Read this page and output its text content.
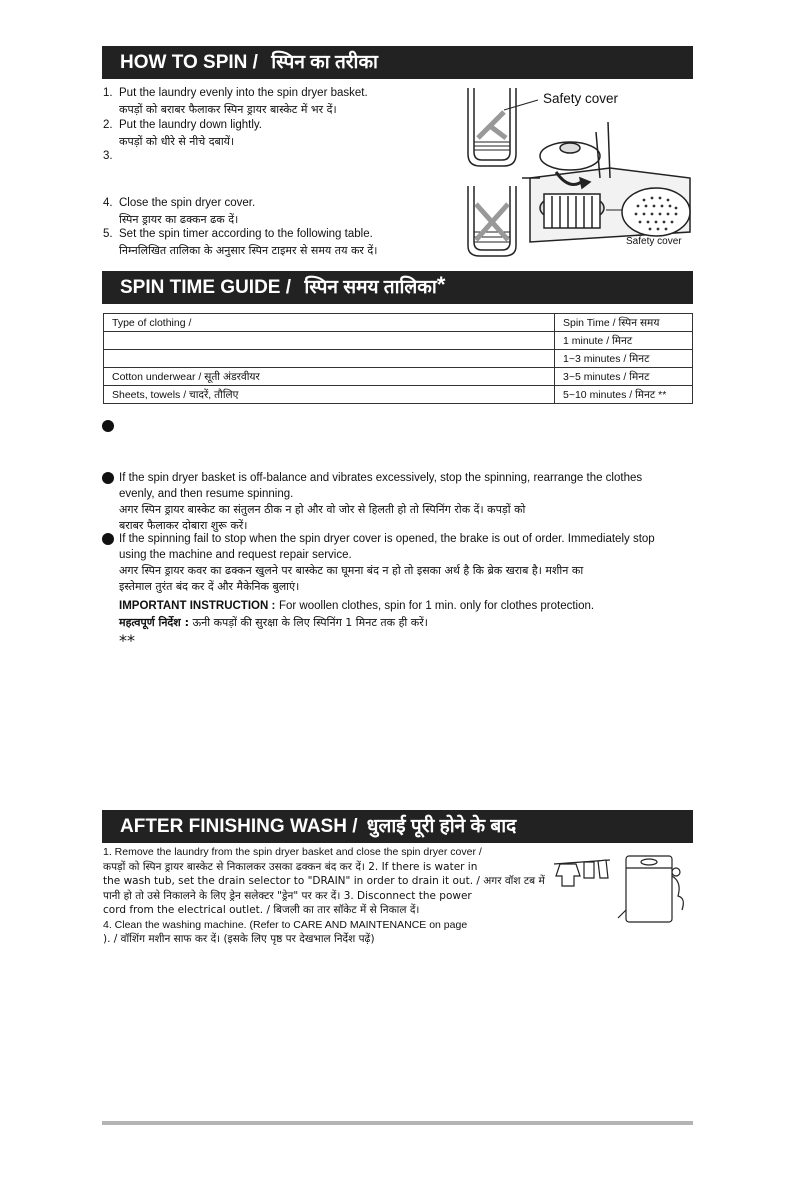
HOW TO SPIN / स्पिन का तरीका
1. Put the laundry evenly into the spin dryer basket.
कपड़ों को बराबर फैलाकर स्पिन ड्रायर बास्केट में भर दें।
2. Put the laundry down lightly.
कपड़ों को धीरे से नीचे दबायें।
3.
4. Close the spin dryer cover.
स्पिन ड्रायर का ढक्कन ढक दें।
5. Set the spin timer according to the following table.
निम्नलिखित तालिका के अनुसार स्पिन टाइमर से समय तय कर दें।
Safety cover
Safety cover
SPIN TIME GUIDE / स्पिन समय तालिका*
Type of clothing /	Spin Time / स्पिन समय
	1 minute / मिनट
	1~3 minutes / मिनट
Cotton underwear / सूती अंडरवीयर	3~5 minutes / मिनट
Sheets, towels / चादरें, तौलिए	5~10 minutes / मिनट **
If the spin dryer basket is off-balance and vibrates excessively, stop the spinning, rearrange the clothes
evenly, and then resume spinning.
अगर स्पिन ड्रायर बास्केट का संतुलन ठीक न हो और वो जोर से हिलती हो तो स्पिनिंग रोक दें। कपड़ों को
बराबर फैलाकर दोबारा शुरू करें।
If the spinning fail to stop when the spin dryer cover is opened, the brake is out of order. Immediately stop
using the machine and request repair service.
अगर स्पिन ड्रायर कवर का ढक्कन खुलने पर बास्केट का घूमना बंद न हो तो इसका अर्थ है कि ब्रेक खराब है। मशीन का
इस्तेमाल तुरंत बंद कर दें और मैकेनिक बुलाएं।
IMPORTANT INSTRUCTION : For woollen clothes, spin for 1 min. only for clothes protection.
महत्वपूर्ण निर्देश : ऊनी कपड़ों की सुरक्षा के लिए स्पिनिंग 1 मिनट तक ही करें।
**
AFTER FINISHING WASH / धुलाई पूरी होने के बाद
1. Remove the laundry from the spin dryer basket and close the spin dryer cover /
कपड़ों को स्पिन ड्रायर बास्केट से निकालकर उसका ढक्कन बंद कर दें। 2. If there is water in
the wash tub, set the drain selector to "DRAIN" in order to drain it out. / अगर वॉश टब में
पानी हो तो उसे निकालने के लिए ड्रेन सलेक्टर "ड्रेन" पर कर दें। 3. Disconnect the power
cord from the electrical outlet. / बिजली का तार सॉकेट में से निकाल दें।
4. Clean the washing machine. (Refer to CARE AND MAINTENANCE on page
). / वॉशिंग मशीन साफ कर दें। (इसके लिए पृष्ठ पर देखभाल निर्देश पढ़ें)
